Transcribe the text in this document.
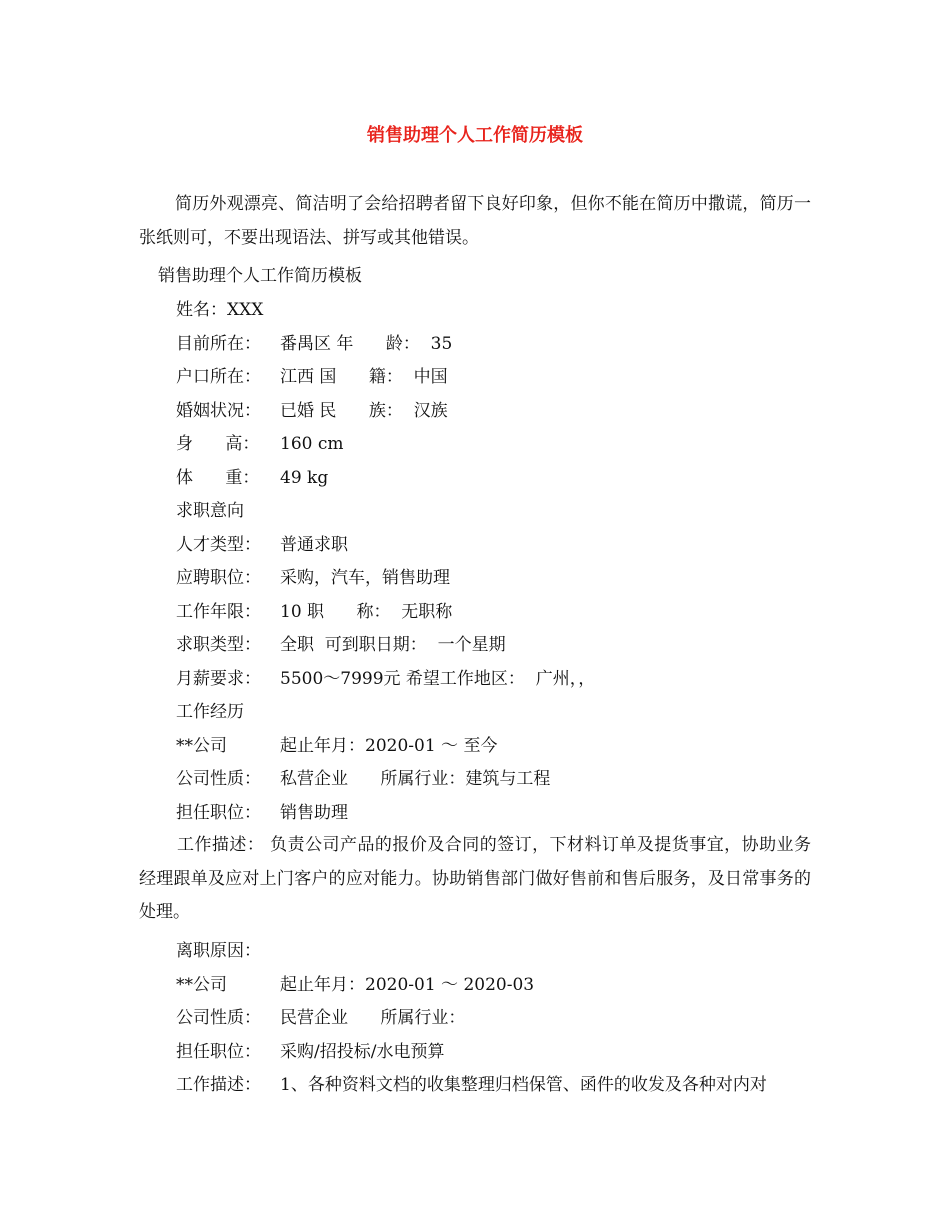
销售助理个人工作简历模板

简历外观漂亮、简洁明了会给招聘者留下良好印象，但你不能在简历中撒谎，简历一张纸则可，不要出现语法、拼写或其他错误。

销售助理个人工作简历模板
姓名：XXX
目前所在： 番禺区 年      龄：  35
户口所在： 江西 国      籍：  中国
婚姻状况： 已婚 民      族：  汉族
身      高： 160 cm
体      重： 49 kg
求职意向
人才类型： 普通求职
应聘职位： 采购，汽车，销售助理
工作年限： 10 职      称：  无职称
求职类型： 全职  可到职日期：  一个星期
月薪要求： 5500～7999元 希望工作地区：  广州，，
工作经历
**公司	起止年月：2020-01 ～ 至今
公司性质： 私营企业      所属行业：建筑与工程
担任职位： 销售助理

工作描述： 负责公司产品的报价及合同的签订，下材料订单及提货事宜，协助业务经理跟单及应对上门客户的应对能力。协助销售部门做好售前和售后服务，及日常事务的处理。

离职原因：
**公司	起止年月：2020-01 ～ 2020-03
公司性质： 民营企业      所属行业：
担任职位： 采购/招投标/水电预算
工作描述： 1、各种资料文档的收集整理归档保管、函件的收发及各种对内对
